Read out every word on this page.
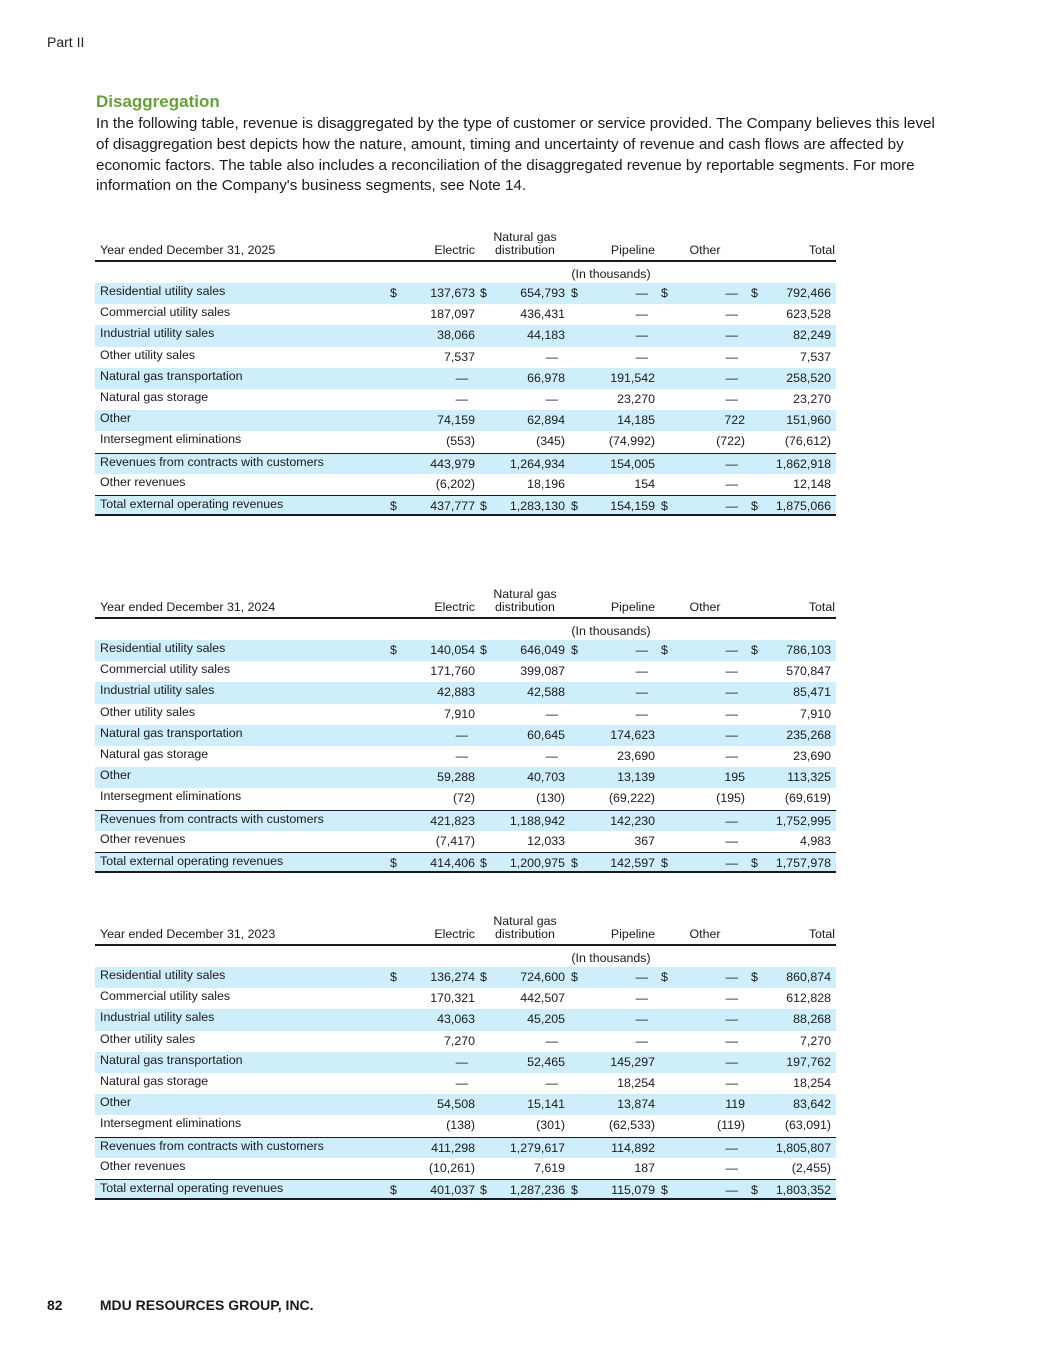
Part II
Disaggregation
In the following table, revenue is disaggregated by the type of customer or service provided. The Company believes this level of disaggregation best depicts how the nature, amount, timing and uncertainty of revenue and cash flows are affected by economic factors. The table also includes a reconciliation of the disaggregated revenue by reportable segments. For more information on the Company's business segments, see Note 14.
Year ended December 31, 2025	Electric
Natural gas
distribution	Pipeline	Other	Total
(In thousands)
Residential utility sales	$	137,673 $	654,793 $	— $	— $	792,466
Commercial utility sales	187,097	436,431	—	—	623,528
Industrial utility sales	38,066	44,183	—	—	82,249
Other utility sales	7,537	—	—	—	7,537
Natural gas transportation	—	66,978	191,542	—	258,520
Natural gas storage	—	—	23,270	—	23,270
Other	74,159	62,894	14,185	722	151,960
Intersegment eliminations	(553)	(345)	(74,992)	(722)	(76,612)
Revenues from contracts with customers	443,979	1,264,934	154,005	—	1,862,918
Other revenues	(6,202)	18,196	154	—	12,148
Total external operating revenues	$	437,777 $	1,283,130 $	154,159 $	— $	1,875,066
Year ended December 31, 2024	Electric
Natural gas
distribution	Pipeline	Other	Total
(In thousands)
Residential utility sales	$	140,054 $	646,049 $	— $	— $	786,103
Commercial utility sales	171,760	399,087	—	—	570,847
Industrial utility sales	42,883	42,588	—	—	85,471
Other utility sales	7,910	—	—	—	7,910
Natural gas transportation	—	60,645	174,623	—	235,268
Natural gas storage	—	—	23,690	—	23,690
Other	59,288	40,703	13,139	195	113,325
Intersegment eliminations	(72)	(130)	(69,222)	(195)	(69,619)
Revenues from contracts with customers	421,823	1,188,942	142,230	—	1,752,995
Other revenues	(7,417)	12,033	367	—	4,983
Total external operating revenues	$	414,406 $	1,200,975 $	142,597 $	— $	1,757,978
Year ended December 31, 2023	Electric
Natural gas
distribution	Pipeline	Other	Total
(In thousands)
Residential utility sales	$	136,274 $	724,600 $	— $	— $	860,874
Commercial utility sales	170,321	442,507	—	—	612,828
Industrial utility sales	43,063	45,205	—	—	88,268
Other utility sales	7,270	—	—	—	7,270
Natural gas transportation	—	52,465	145,297	—	197,762
Natural gas storage	—	—	18,254	—	18,254
Other	54,508	15,141	13,874	119	83,642
Intersegment eliminations	(138)	(301)	(62,533)	(119)	(63,091)
Revenues from contracts with customers	411,298	1,279,617	114,892	—	1,805,807
Other revenues	(10,261)	7,619	187	—	(2,455)
Total external operating revenues	$	401,037 $	1,287,236 $	115,079 $	— $	1,803,352
82	MDU RESOURCES GROUP, INC.
